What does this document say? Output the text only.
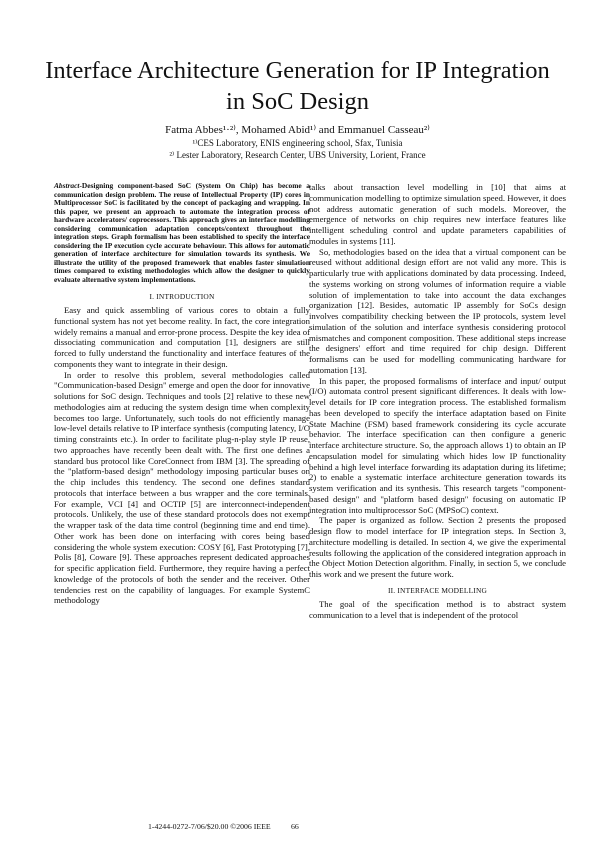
Interface Architecture Generation for IP Integration
in SoC Design
Fatma Abbes¹·²⁾, Mohamed Abid¹⁾ and Emmanuel Casseau²⁾
¹⁾CES Laboratory, ENIS engineering school, Sfax, Tunisia
²⁾ Lester Laboratory, Research Center, UBS University, Lorient, France

Abstract-Designing component-based SoC (System On Chip) has become a communication design problem. The reuse of Intellectual Property (IP) cores in Multiprocessor SoC is facilitated by the concept of packaging and wrapping. In this paper, we present an approach to automate the integration process of hardware accelerators/ coprocessors. This approach gives an interface modelling considering communication adaptation concepts/context throughout the integration steps. Graph formalism has been established to specify the interface considering the IP execution cycle accurate behaviour. This allows for automatic generation of interface architecture for simulation towards its synthesis. We illustrate the utility of the proposed framework that enables faster simulation times compared to existing methodologies which allow the designer to quickly evaluate alternative system implementations.

I. INTRODUCTION

Easy and quick assembling of various cores to obtain a fully functional system has not yet become reality. In fact, the core integration widely remains a manual and error-prone process. Despite the key idea of dissociating communication and computation [1], designers are still forced to fully understand the functionality and interface features of the components they want to integrate in their design.

In order to resolve this problem, several methodologies called "Communication-based Design" emerge and open the door for innovative solutions for SoC design. Techniques and tools [2] relative to these new methodologies aim at reducing the system design time when complexity becomes too large. Unfortunately, such tools do not efficiently manage low-level details relative to IP interface synthesis (computing latency, I/O timing constraints etc.). In order to facilitate plug-n-play style IP reuse, two approaches have recently been dealt with. The first one defines a standard bus protocol like CoreConnect from IBM [3]. The spreading of the "platform-based design" methodology imposing particular buses on the chip includes this tendency. The second one defines standard protocols that interface between a bus wrapper and the core terminals. For example, VCI [4] and OCTIP [5] are interconnect-independent protocols. Unlikely, the use of these standard protocols does not exempt the wrapper task of the data time control (beginning time and end time). Other work has been done on interfacing with cores being based considering the whole system execution: COSY [6], Fast Prototyping [7], Polis [8], Coware [9]. These approaches represent dedicated approaches for specific application field. Furthermore, they require having a perfect knowledge of the protocols of both the sender and the receiver. Other tendencies rest on the capability of languages. For example SystemC methodology

talks about transaction level modelling in [10] that aims at communication modelling to optimize simulation speed. However, it does not address automatic generation of such models. Moreover, the emergence of networks on chip requires new interface features like intelligent scheduling control and update parameters capabilities of modules in systems [11].

So, methodologies based on the idea that a virtual component can be reused without additional design effort are not valid any more. This is particularly true with applications dominated by data processing. Indeed, the systems working on strong volumes of information require a viable solution of implementation to take into account the data exchanges organization [12]. Besides, automatic IP assembly for SoCs design involves compatibility checking between the IP protocols, system level simulation of the solution and interface synthesis considering protocol mismatches and component composition. These additional steps increase the designers' effort and time required for chip design. Different formalisms can be used for modelling communicating hardware for automation [13].

In this paper, the proposed formalisms of interface and input/ output (I/O) automata control present significant differences. It deals with low-level details for IP core integration process. The established formalism has been developed to specify the interface adaptation based on Finite State Machine (FSM) based framework considering its cycle accurate behavior. The interface specification can then configure a generic interface architecture structure. So, the approach allows 1) to obtain an IP encapsulation model for simulating which hides low IP functionality behind a high level interface forwarding its adaptation during its lifetime; 2) to enable a systematic interface architecture generation towards its system verification and its synthesis. This research targets "component-based design" and "platform based design" focusing on automatic IP integration into multiprocessor SoC (MPSoC) context.

The paper is organized as follow. Section 2 presents the proposed design flow to model interface for IP integration steps. In Section 3, architecture modelling is detailed. In section 4, we give the experimental results following the application of the considered integration approach in the Object Motion Detection algorithm. Finally, in section 5, we conclude this work and we present the future work.

II. INTERFACE MODELLING

The goal of the specification method is to abstract system communication to a level that is independent of the protocol

1-4244-0272-7/06/$20.00 ©2006 IEEE	66
